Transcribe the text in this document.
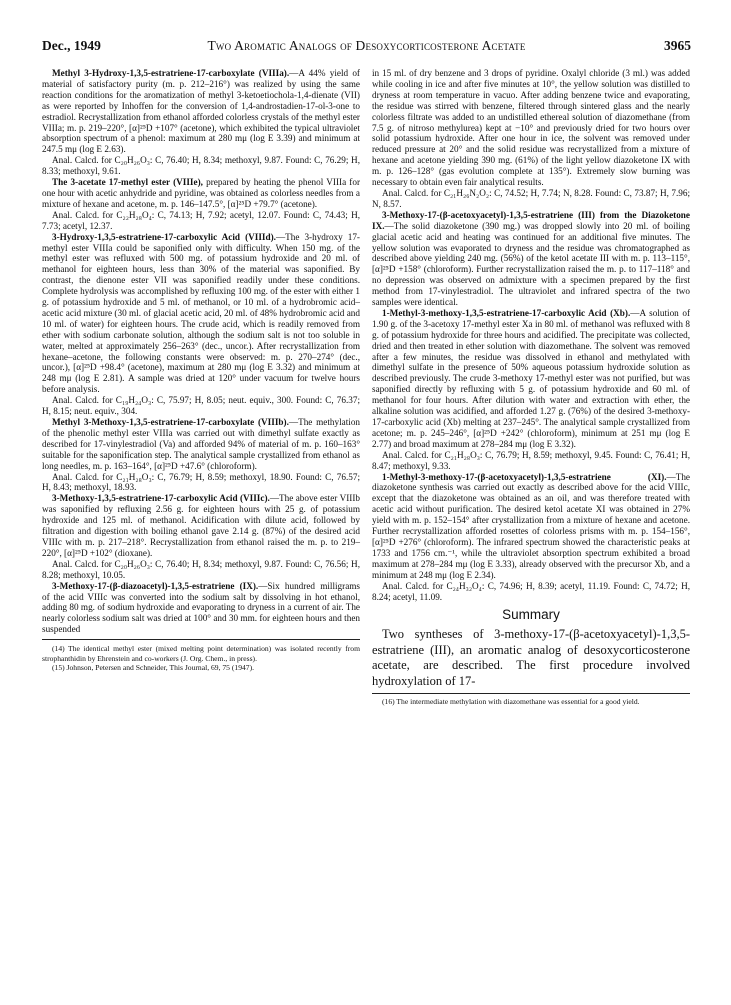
Dec., 1949	Two Aromatic Analogs of Desoxycorticosterone Acetate	3965

Methyl 3-Hydroxy-1,3,5-estratriene-17-carboxylate (VIIIa).—A 44% yield of material of satisfactory purity (m. p. 212–216°) was realized by using the same reaction conditions for the aromatization of methyl 3-ketoetiochola-1,4-dienate (VII) as were reported by Inhoffen for the conversion of 1,4-androstadien-17-ol-3-one to estradiol. Recrystallization from ethanol afforded colorless crystals of the methyl ester VIIIa; m. p. 219–220°, [α]²⁵D +107° (acetone), which exhibited the typical ultraviolet absorption spectrum of a phenol: maximum at 280 mμ (log E 3.39) and minimum at 247.5 mμ (log E 2.63).

Anal. Calcd. for C₂₀H₂₆O₃: C, 76.40; H, 8.34; methoxyl, 9.87. Found: C, 76.29; H, 8.33; methoxyl, 9.61.

The 3-acetate 17-methyl ester (VIIIe), prepared by heating the phenol VIIIa for one hour with acetic anhydride and pyridine, was obtained as colorless needles from a mixture of hexane and acetone, m. p. 146–147.5°, [α]²⁵D +79.7° (acetone).

Anal. Calcd. for C₂₂H₂₈O₄: C, 74.13; H, 7.92; acetyl, 12.07. Found: C, 74.43; H, 7.73; acetyl, 12.37.

3-Hydroxy-1,3,5-estratriene-17-carboxylic Acid (VIIId).—The 3-hydroxy 17-methyl ester VIIIa could be saponified only with difficulty. When 150 mg. of the methyl ester was refluxed with 500 mg. of potassium hydroxide and 20 ml. of methanol for eighteen hours, less than 30% of the material was saponified. By contrast, the dienone ester VII was saponified readily under these conditions. Complete hydrolysis was accomplished by refluxing 100 mg. of the ester with either 1 g. of potassium hydroxide and 5 ml. of methanol, or 10 ml. of a hydrobromic acid–acetic acid mixture (30 ml. of glacial acetic acid, 20 ml. of 48% hydrobromic acid and 10 ml. of water) for eighteen hours. The crude acid, which is readily removed from ether with sodium carbonate solution, although the sodium salt is not too soluble in water, melted at approximately 256–263° (dec., uncor.). After recrystallization from hexane–acetone, the following constants were observed: m. p. 270–274° (dec., uncor.), [α]²⁵D +98.4° (acetone), maximum at 280 mμ (log E 3.32) and minimum at 248 mμ (log E 2.81). A sample was dried at 120° under vacuum for twelve hours before analysis.

Anal. Calcd. for C₁₉H₂₄O₃: C, 75.97; H, 8.05; neut. equiv., 300. Found: C, 76.37; H, 8.15; neut. equiv., 304.

Methyl 3-Methoxy-1,3,5-estratriene-17-carboxylate (VIIIb).—The methylation of the phenolic methyl ester VIIIa was carried out with dimethyl sulfate exactly as described for 17-vinylestradiol (Va) and afforded 94% of material of m. p. 160–163° suitable for the saponification step. The analytical sample crystallized from ethanol as long needles, m. p. 163–164°, [α]²⁵D +47.6° (chloroform).

Anal. Calcd. for C₂₁H₂₈O₃: C, 76.79; H, 8.59; methoxyl, 18.90. Found: C, 76.57; H, 8.43; methoxyl, 18.93.

3-Methoxy-1,3,5-estratriene-17-carboxylic Acid (VIIIc).—The above ester VIIIb was saponified by refluxing 2.56 g. for eighteen hours with 25 g. of potassium hydroxide and 125 ml. of methanol. Acidification with dilute acid, followed by filtration and digestion with boiling ethanol gave 2.14 g. (87%) of the desired acid VIIIc with m. p. 217–218°. Recrystallization from ethanol raised the m. p. to 219–220°, [α]²⁵D +102° (dioxane).

Anal. Calcd. for C₂₀H₂₆O₃: C, 76.40; H, 8.34; methoxyl, 9.87. Found: C, 76.56; H, 8.28; methoxyl, 10.05.

3-Methoxy-17-(β-diazoacetyl)-1,3,5-estratriene (IX).—Six hundred milligrams of the acid VIIIc was converted into the sodium salt by dissolving in hot ethanol, adding 80 mg. of sodium hydroxide and evaporating to dryness in a current of air. The nearly colorless sodium salt was dried at 100° and 30 mm. for eighteen hours and then suspended

(14) The identical methyl ester (mixed melting point determination) was isolated recently from strophanthidin by Ehrenstein and co-workers (J. Org. Chem., in press).

(15) Johnson, Petersen and Schneider, This Journal, 69, 75 (1947).

in 15 ml. of dry benzene and 3 drops of pyridine. Oxalyl chloride (3 ml.) was added while cooling in ice and after five minutes at 10°, the yellow solution was distilled to dryness at room temperature in vacuo. After adding benzene twice and evaporating, the residue was stirred with benzene, filtered through sintered glass and the nearly colorless filtrate was added to an undistilled ethereal solution of diazomethane (from 7.5 g. of nitroso methylurea) kept at −10° and previously dried for two hours over solid potassium hydroxide. After one hour in ice, the solvent was removed under reduced pressure at 20° and the solid residue was recrystallized from a mixture of hexane and acetone yielding 390 mg. (61%) of the light yellow diazoketone IX with m. p. 126–128° (gas evolution complete at 135°). Extremely slow burning was necessary to obtain even fair analytical results.

Anal. Calcd. for C₂₁H₂₆N₂O₂: C, 74.52; H, 7.74; N, 8.28. Found: C, 73.87; H, 7.96; N, 8.57.

3-Methoxy-17-(β-acetoxyacetyl)-1,3,5-estratriene (III) from the Diazoketone IX.—The solid diazoketone (390 mg.) was dropped slowly into 20 ml. of boiling glacial acetic acid and heating was continued for an additional five minutes. The yellow solution was evaporated to dryness and the residue was chromatographed as described above yielding 240 mg. (56%) of the ketol acetate III with m. p. 113–115°, [α]²⁵D +158° (chloroform). Further recrystallization raised the m. p. to 117–118° and no depression was observed on admixture with a specimen prepared by the first method from 17-vinylestradiol. The ultraviolet and infrared spectra of the two samples were identical.

1-Methyl-3-methoxy-1,3,5-estratriene-17-carboxylic Acid (Xb).—A solution of 1.90 g. of the 3-acetoxy 17-methyl ester Xa in 80 ml. of methanol was refluxed with 8 g. of potassium hydroxide for three hours and acidified. The precipitate was collected, dried and then treated in ether solution with diazomethane. The solvent was removed after a few minutes, the residue was dissolved in ethanol and methylated with dimethyl sulfate in the presence of 50% aqueous potassium hydroxide solution as described previously. The crude 3-methoxy 17-methyl ester was not purified, but was saponified directly by refluxing with 5 g. of potassium hydroxide and 60 ml. of methanol for four hours. After dilution with water and extraction with ether, the alkaline solution was acidified, and afforded 1.27 g. (76%) of the desired 3-methoxy-17-carboxylic acid (Xb) melting at 237–245°. The analytical sample crystallized from acetone; m. p. 245–246°, [α]²⁵D +242° (chloroform), minimum at 251 mμ (log E 2.77) and broad maximum at 278–284 mμ (log E 3.32).

Anal. Calcd. for C₂₁H₂₈O₃: C, 76.79; H, 8.59; methoxyl, 9.45. Found: C, 76.41; H, 8.47; methoxyl, 9.33.

1-Methyl-3-methoxy-17-(β-acetoxyacetyl)-1,3,5-estratriene (XI).—The diazoketone synthesis was carried out exactly as described above for the acid VIIIc, except that the diazoketone was obtained as an oil, and was therefore treated with acetic acid without purification. The desired ketol acetate XI was obtained in 27% yield with m. p. 152–154° after crystallization from a mixture of hexane and acetone. Further recrystallization afforded rosettes of colorless prisms with m. p. 154–156°, [α]²⁵D +276° (chloroform). The infrared spectrum showed the characteristic peaks at 1733 and 1756 cm.⁻¹, while the ultraviolet absorption spectrum exhibited a broad maximum at 278–284 mμ (log E 3.33), already observed with the precursor Xb, and a minimum at 248 mμ (log E 2.34).

Anal. Calcd. for C₂₄H₃₂O₄: C, 74.96; H, 8.39; acetyl, 11.19. Found: C, 74.72; H, 8.24; acetyl, 11.09.

Summary

Two syntheses of 3-methoxy-17-(β-acetoxyacetyl)-1,3,5-estratriene (III), an aromatic analog of desoxycorticosterone acetate, are described. The first procedure involved hydroxylation of 17-

(16) The intermediate methylation with diazomethane was essential for a good yield.
